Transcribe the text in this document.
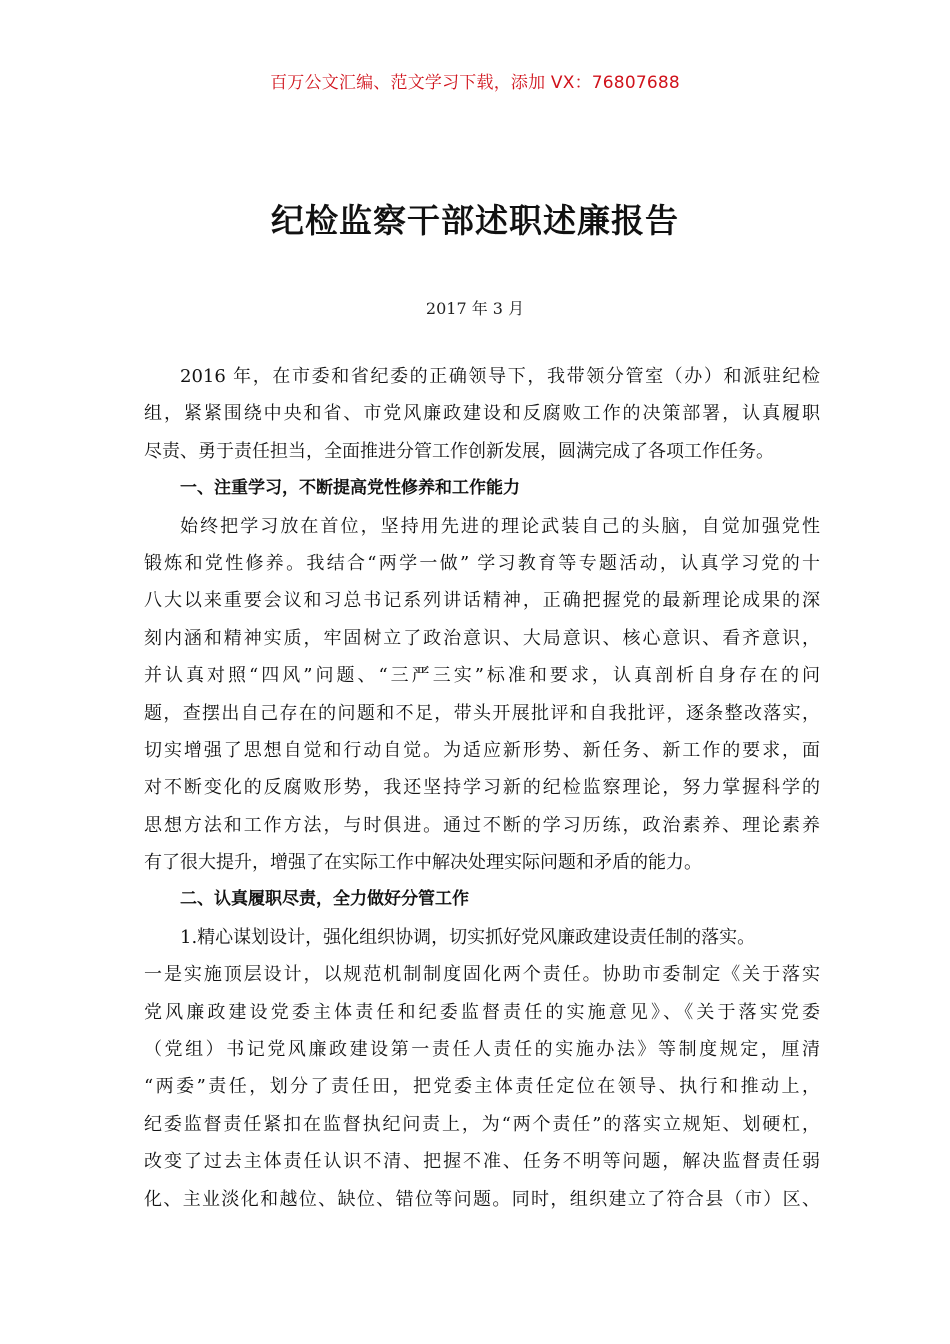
百万公文汇编、范文学习下载，添加 VX：76807688
纪检监察干部述职述廉报告
2017 年 3 月
2016 年，在市委和省纪委的正确领导下，我带领分管室（办）和派驻纪检
组，紧紧围绕中央和省、市党风廉政建设和反腐败工作的决策部署，认真履职
尽责、勇于责任担当，全面推进分管工作创新发展，圆满完成了各项工作任务。
一、注重学习，不断提高党性修养和工作能力
始终把学习放在首位，坚持用先进的理论武装自己的头脑，自觉加强党性
锻炼和党性修养。我结合“两学一做” 学习教育等专题活动，认真学习党的十
八大以来重要会议和习总书记系列讲话精神，正确把握党的最新理论成果的深
刻内涵和精神实质，牢固树立了政治意识、大局意识、核心意识、看齐意识，
并认真对照“四风”问题、“三严三实”标准和要求，认真剖析自身存在的问
题，查摆出自己存在的问题和不足，带头开展批评和自我批评，逐条整改落实，
切实增强了思想自觉和行动自觉。为适应新形势、新任务、新工作的要求，面
对不断变化的反腐败形势，我还坚持学习新的纪检监察理论，努力掌握科学的
思想方法和工作方法，与时俱进。通过不断的学习历练，政治素养、理论素养
有了很大提升，增强了在实际工作中解决处理实际问题和矛盾的能力。
二、认真履职尽责，全力做好分管工作
1.精心谋划设计，强化组织协调，切实抓好党风廉政建设责任制的落实。
一是实施顶层设计，以规范机制制度固化两个责任。协助市委制定《关于落实
党风廉政建设党委主体责任和纪委监督责任的实施意见》、《关于落实党委
（党组）书记党风廉政建设第一责任人责任的实施办法》等制度规定，厘清
“两委”责任，划分了责任田，把党委主体责任定位在领导、执行和推动上，
纪委监督责任紧扣在监督执纪问责上，为“两个责任”的落实立规矩、划硬杠，
改变了过去主体责任认识不清、把握不准、任务不明等问题，解决监督责任弱
化、主业淡化和越位、缺位、错位等问题。同时，组织建立了符合县（市）区、
